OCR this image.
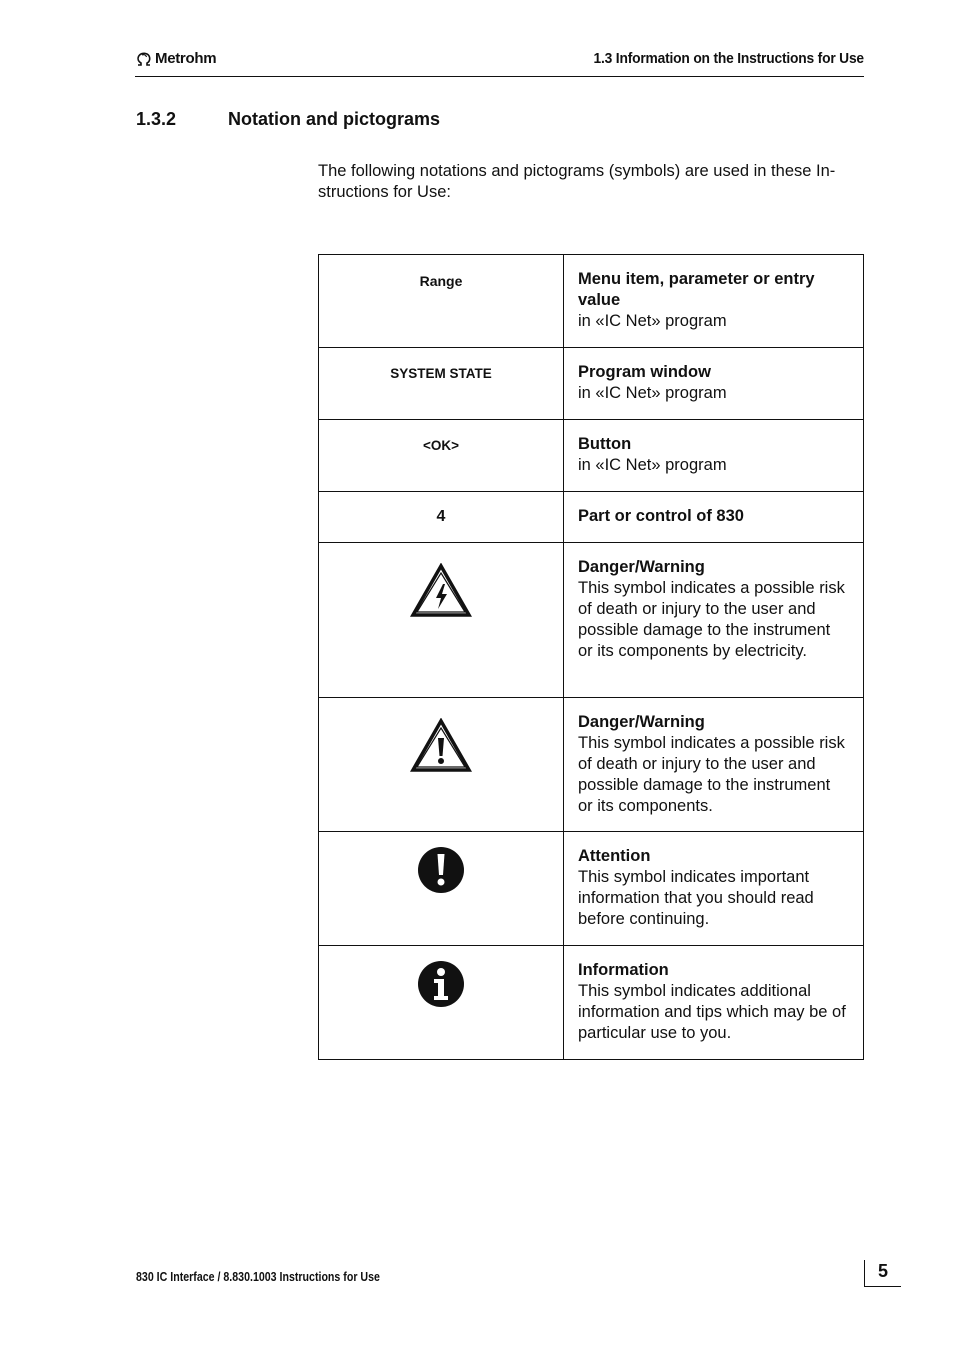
Metrohm	1.3 Information on the Instructions for Use
1.3.2	Notation and pictograms
The following notations and pictograms (symbols) are used in these In-structions for Use:
Range	Menu item, parameter or entry value
in «IC Net» program

SYSTEM STATE	Program window
in «IC Net» program

<OK>	Button
in «IC Net» program

4	Part or control of 830

Danger/Warning
This symbol indicates a possible risk of death or injury to the user and possible damage to the instrument or its components by electricity.

Danger/Warning
This symbol indicates a possible risk of death or injury to the user and possible damage to the instrument or its components.

Attention
This symbol indicates important information that you should read before continuing.

Information
This symbol indicates additional information and tips which may be of particular use to you.
830 IC Interface / 8.830.1003 Instructions for Use	5
